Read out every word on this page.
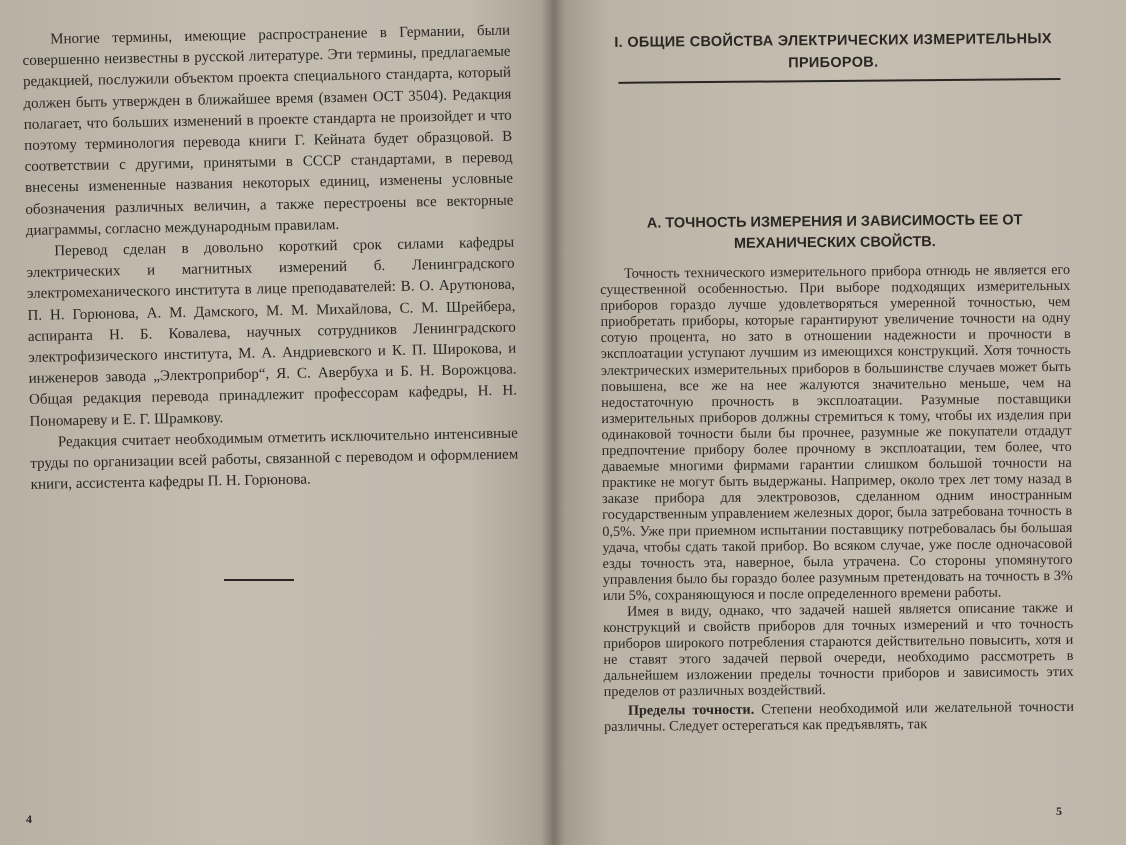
Многие термины, имеющие распространение в Германии, были совершенно неизвестны в русской литературе. Эти термины, предлагаемые редакцией, послужили объектом проекта специального стандарта, который должен быть утвержден в ближайшее время (взамен ОСТ 3504). Редакция полагает, что больших изменений в проекте стандарта не произойдет и что поэтому терминология перевода книги Г. Кейната будет образцовой. В соответствии с другими, принятыми в СССР стандартами, в перевод внесены измененные названия некоторых единиц, изменены условные обозначения различных величин, а также перестроены все векторные диаграммы, согласно международным правилам.

Перевод сделан в довольно короткий срок силами кафедры электрических и магнитных измерений б. Ленинградского электромеханического института в лице преподавателей: В. О. Арутюнова, П. Н. Горюнова, А. М. Дамского, М. М. Михайлова, С. М. Шрейбера, аспиранта Н. Б. Ковалева, научных сотрудников Ленинградского электрофизического института, М. А. Андриевского и К. П. Широкова, и инженеров завода „Электроприбор“, Я. С. Авербуха и Б. Н. Ворожцова. Общая редакция перевода принадлежит профессорам кафедры, Н. Н. Пономареву и Е. Г. Шрамкову.

Редакция считает необходимым отметить исключительно интенсивные труды по организации всей работы, связанной с переводом и оформлением книги, ассистента кафедры П. Н. Горюнова.

4
I. ОБЩИЕ СВОЙСТВА ЭЛЕКТРИЧЕСКИХ ИЗМЕРИТЕЛЬНЫХ ПРИБОРОВ.
А. ТОЧНОСТЬ ИЗМЕРЕНИЯ И ЗАВИСИМОСТЬ ЕЕ ОТ МЕХАНИЧЕСКИХ СВОЙСТВ.

Точность технического измерительного прибора отнюдь не является его существенной особенностью. При выборе подходящих измерительных приборов гораздо лучше удовлетворяться умеренной точностью, чем приобретать приборы, которые гарантируют увеличение точности на одну сотую процента, но зато в отношении надежности и прочности в эксплоатации уступают лучшим из имеющихся конструкций. Хотя точность электрических измерительных приборов в большинстве случаев может быть повышена, все же на нее жалуются значительно меньше, чем на недостаточную прочность в эксплоатации. Разумные поставщики измерительных приборов должны стремиться к тому, чтобы их изделия при одинаковой точности были бы прочнее, разумные же покупатели отдадут предпочтение прибору более прочному в эксплоатации, тем более, что даваемые многими фирмами гарантии слишком большой точности на практике не могут быть выдержаны. Например, около трех лет тому назад в заказе прибора для электровозов, сделанном одним иностранным государственным управлением железных дорог, была затребована точность в 0,5%. Уже при приемном испытании поставщику потребовалась бы большая удача, чтобы сдать такой прибор. Во всяком случае, уже после одночасовой езды точность эта, наверное, была утрачена. Со стороны упомянутого управления было бы гораздо более разумным претендовать на точность в 3% или 5%, сохраняющуюся и после определенного времени работы.

Имея в виду, однако, что задачей нашей является описание также и конструкций и свойств приборов для точных измерений и что точность приборов широкого потребления стараются действительно повысить, хотя и не ставят этого задачей первой очереди, необходимо рассмотреть в дальнейшем изложении пределы точности приборов и зависимость этих пределов от различных воздействий.

Пределы точности. Степени необходимой или желательной точности различны. Следует остерегаться как предъявлять, так

5
